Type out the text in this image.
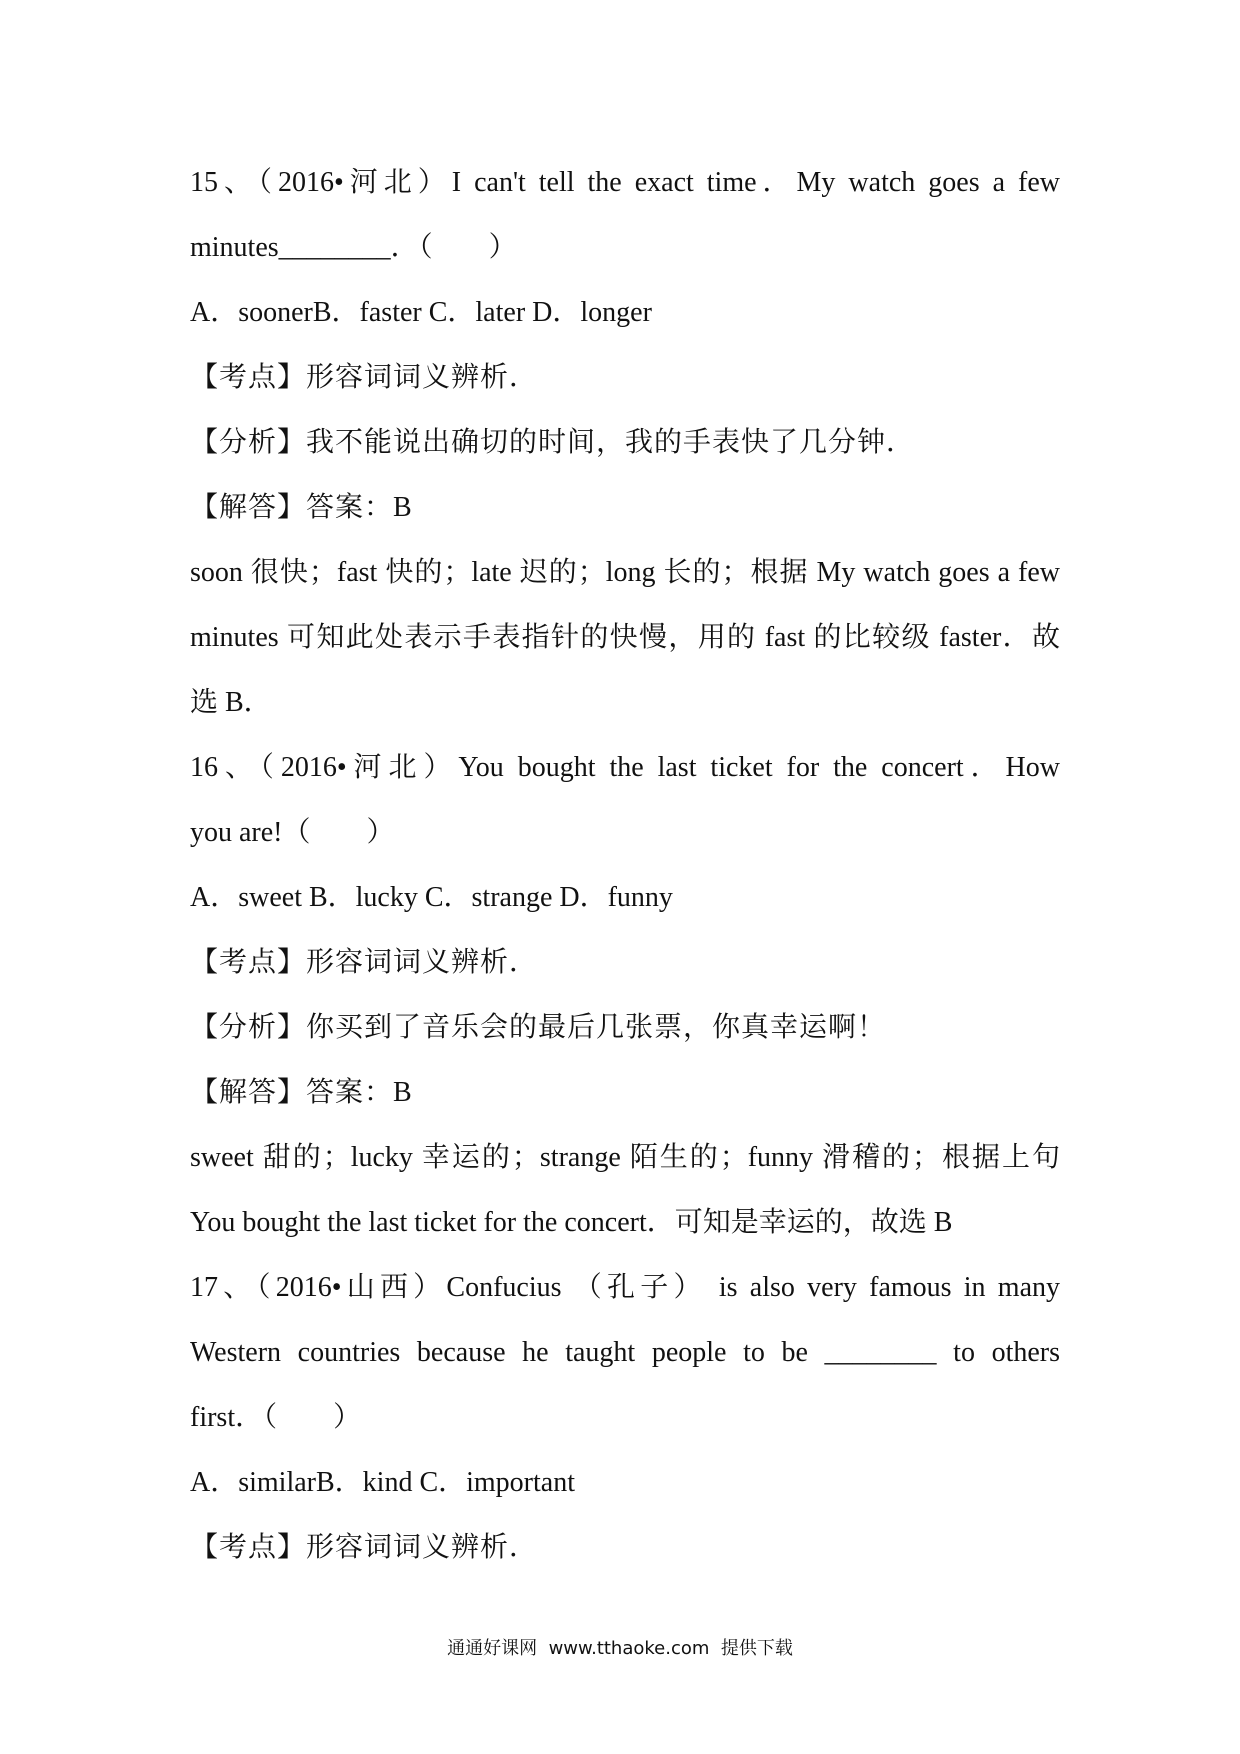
15、（2016•河北）I can't tell the exact time．My watch goes a few
minutes________．（　　）
A．soonerB．faster C．later D．longer
【考点】形容词词义辨析．
【分析】我不能说出确切的时间，我的手表快了几分钟．
【解答】答案：B
soon 很快；fast 快的；late 迟的；long 长的；根据 My watch goes a few
minutes 可知此处表示手表指针的快慢，用的 fast 的比较级 faster．故
选 B．
16、（2016•河北）You bought the last ticket for the concert．How
you are!（　　）
A．sweet B．lucky C．strange D．funny
【考点】形容词词义辨析．
【分析】你买到了音乐会的最后几张票，你真幸运啊！
【解答】答案：B
sweet 甜的；lucky 幸运的；strange 陌生的；funny 滑稽的；根据上句
You bought the last ticket for the concert．可知是幸运的，故选 B
17、（2016•山西）Confucius （孔子） is also very famous in many
Western countries because he taught people to be ________ to others
first．（　　）
A．similarB．kind C．important
【考点】形容词词义辨析．
通通好课网  www.tthaoke.com  提供下载
